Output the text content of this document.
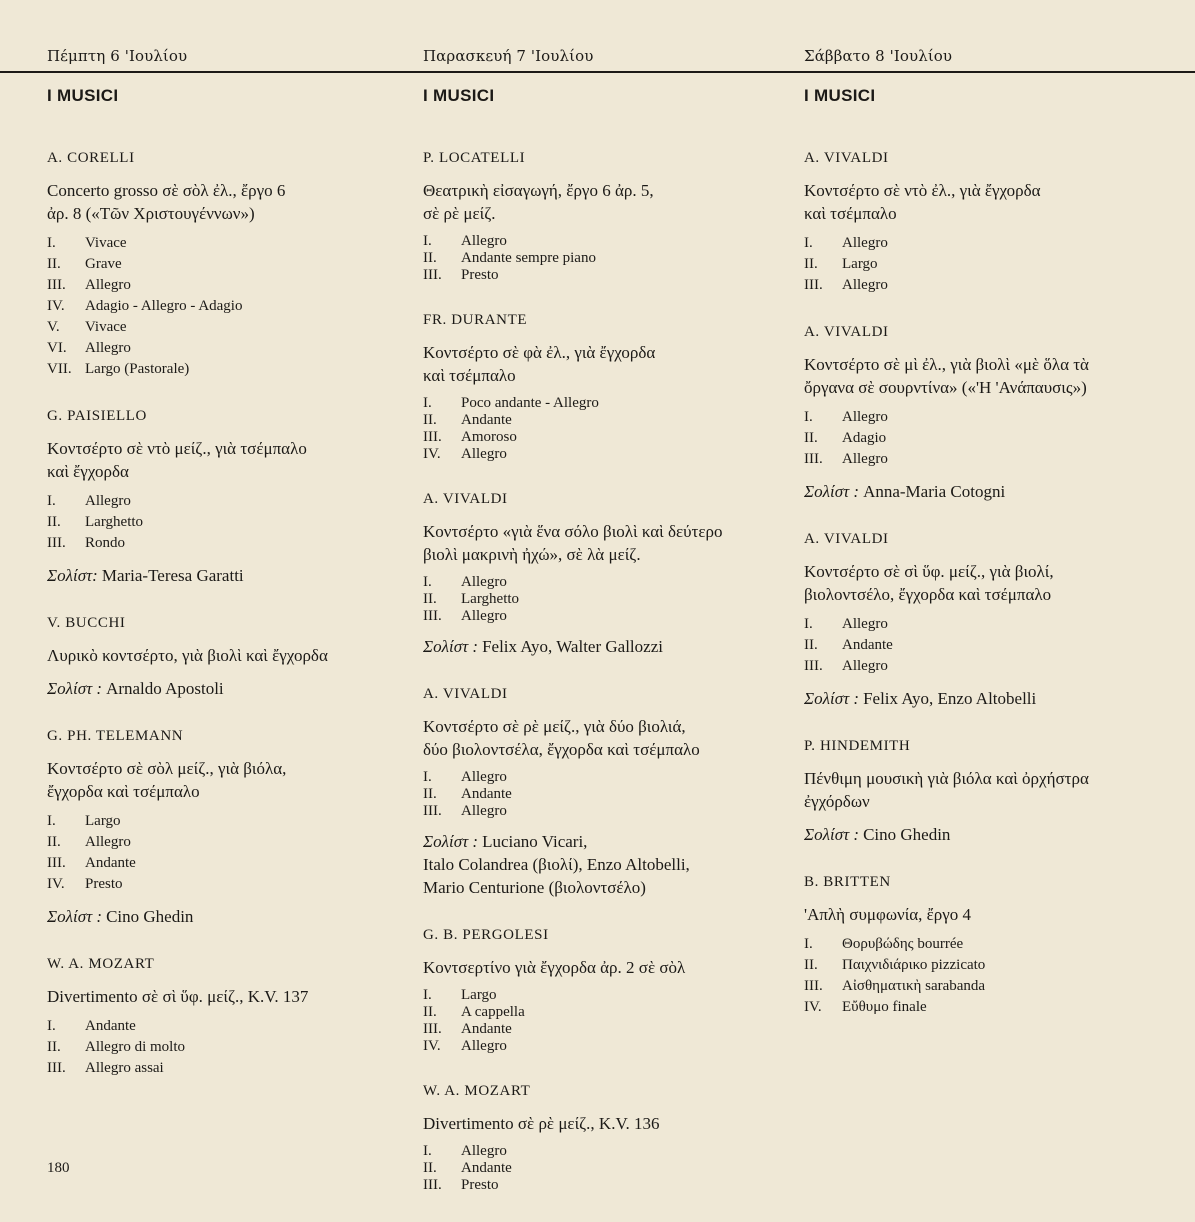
Πέμπτη 6 'Ιουλίου	Παρασκευή 7 'Ιουλίου	Σάββατο 8 'Ιουλίου
I MUSICI
A. CORELLI
Concerto grosso σὲ σὸλ ἐλ., ἔργο 6
ἀρ. 8 («Τῶν Χριστουγέννων»)
I. Vivace
II. Grave
III. Allegro
IV. Adagio - Allegro - Adagio
V. Vivace
VI. Allegro
VII. Largo (Pastorale)
G. PAISIELLO
Κοντσέρτο σὲ ντὸ μείζ., γιὰ τσέμπαλο
καὶ ἔγχορδα
I. Allegro
II. Larghetto
III. Rondo
Σολίστ: Maria-Teresa Garatti
V. BUCCHI
Λυρικὸ κοντσέρτο, γιὰ βιολὶ καὶ ἔγχορδα
Σολίστ : Arnaldo Apostoli
G. PH. TELEMANN
Κοντσέρτο σὲ σὸλ μείζ., γιὰ βιόλα,
ἔγχορδα καὶ τσέμπαλο
I. Largo
II. Allegro
III. Andante
IV. Presto
Σολίστ : Cino Ghedin
W. A. MOZART
Divertimento σὲ σὶ ὕφ. μείζ., K.V. 137
I. Andante
II. Allegro di molto
III. Allegro assai
I MUSICI
P. LOCATELLI
Θεατρικὴ εἰσαγωγή, ἔργο 6 ἀρ. 5,
σὲ ρὲ μείζ.
I. Allegro
II. Andante sempre piano
III. Presto
FR. DURANTE
Κοντσέρτο σὲ φὰ ἐλ., γιὰ ἔγχορδα
καὶ τσέμπαλο
I. Poco andante - Allegro
II. Andante
III. Amoroso
IV. Allegro
A. VIVALDI
Κοντσέρτο «γιὰ ἕνα σόλο βιολὶ καὶ δεύτερο
βιολὶ μακρινὴ ἠχώ», σὲ λὰ μείζ.
I. Allegro
II. Larghetto
III. Allegro
Σολίστ : Felix Ayo, Walter Gallozzi
A. VIVALDI
Κοντσέρτο σὲ ρὲ μείζ., γιὰ δύο βιολιά,
δύο βιολοντσέλα, ἔγχορδα καὶ τσέμπαλο
I. Allegro
II. Andante
III. Allegro
Σολίστ : Luciano Vicari,
Italo Colandrea (βιολί), Enzo Altobelli,
Mario Centurione (βιολοντσέλο)
G. B. PERGOLESI
Κοντσερτίνο γιὰ ἔγχορδα ἀρ. 2 σὲ σὸλ
I. Largo
II. A cappella
III. Andante
IV. Allegro
W. A. MOZART
Divertimento σὲ ρὲ μείζ., K.V. 136
I. Allegro
II. Andante
III. Presto
I MUSICI
A. VIVALDI
Κοντσέρτο σὲ ντὸ ἐλ., γιὰ ἔγχορδα
καὶ τσέμπαλο
I. Allegro
II. Largo
III. Allegro
A. VIVALDI
Κοντσέρτο σὲ μὶ ἐλ., γιὰ βιολὶ «μὲ ὅλα τὰ
ὄργανα σὲ σουρντίνα» («'Η 'Ανάπαυσις»)
I. Allegro
II. Adagio
III. Allegro
Σολίστ : Anna-Maria Cotogni
A. VIVALDI
Κοντσέρτο σὲ σὶ ὕφ. μείζ., γιὰ βιολί,
βιολοντσέλο, ἔγχορδα καὶ τσέμπαλο
I. Allegro
II. Andante
III. Allegro
Σολίστ : Felix Ayo, Enzo Altobelli
P. HINDEMITH
Πένθιμη μουσικὴ γιὰ βιόλα καὶ ὀρχήστρα
ἐγχόρδων
Σολίστ : Cino Ghedin
B. BRITTEN
'Απλὴ συμφωνία, ἔργο 4
I. Θορυβώδης bourrée
II. Παιχνιδιάρικο pizzicato
III. Αἰσθηματικὴ sarabanda
IV. Εὔθυμο finale
180
